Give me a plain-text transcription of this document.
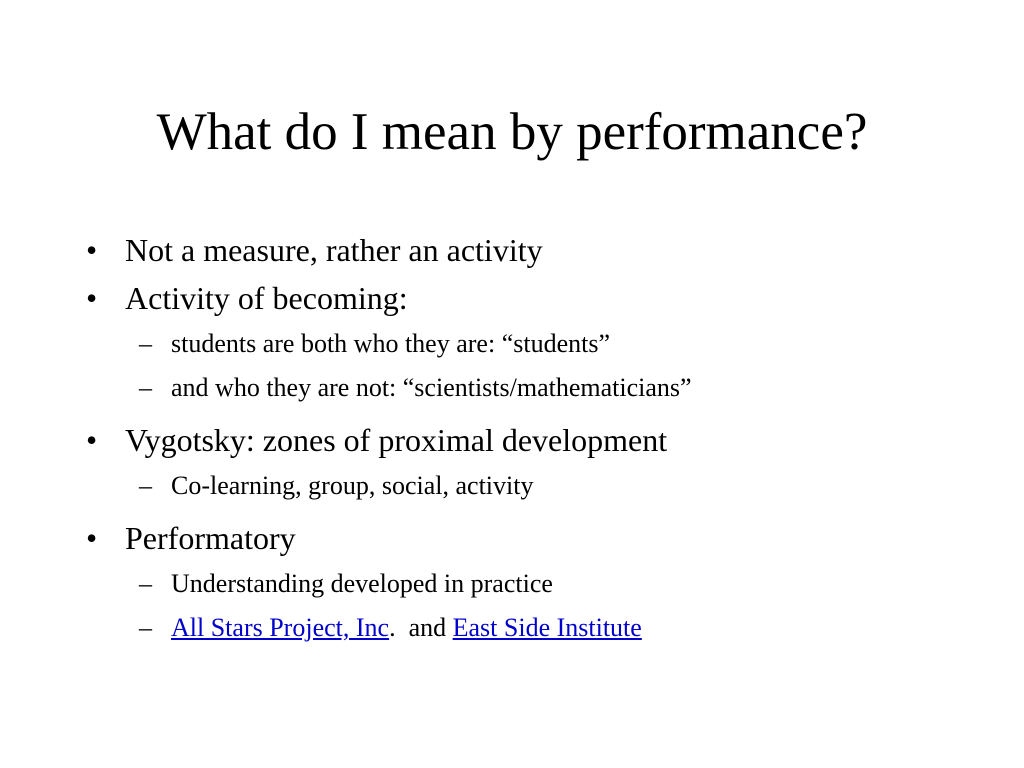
What do I mean by performance?
• Not a measure, rather an activity
• Activity of becoming:
– students are both who they are: “students”
– and who they are not: “scientists/mathematicians”
• Vygotsky: zones of proximal development
– Co-learning, group, social, activity
• Performatory
– Understanding developed in practice
– All Stars Project, Inc.  and East Side Institute
